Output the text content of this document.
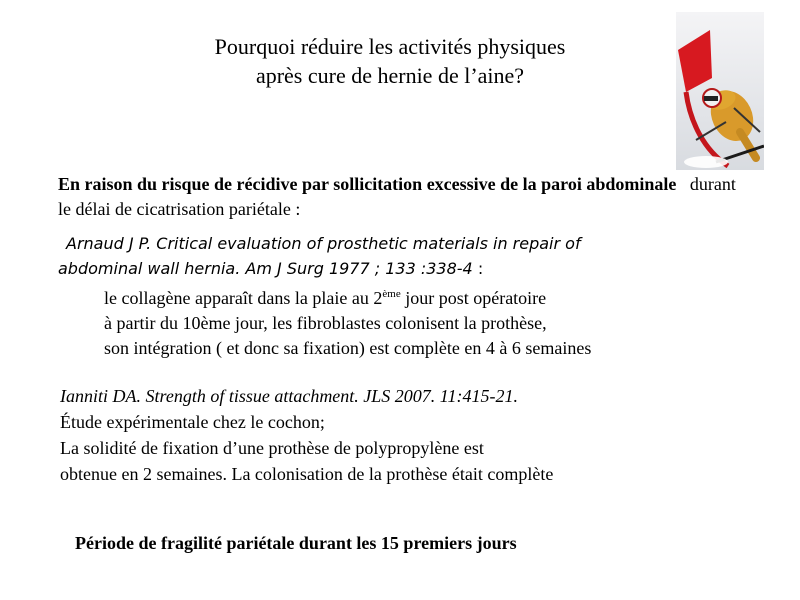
Pourquoi réduire les activités physiques
après cure de hernie de l’aine?
En raison du risque de récidive par sollicitation excessive de la paroi abdominale durant le délai de cicatrisation pariétale :
Arnaud J P. Critical evaluation of prosthetic materials in repair of
abdominal wall hernia. Am J Surg 1977 ; 133 :338-4 :
le collagène apparaît dans la plaie au 2ème jour post opératoire
à partir du 10ème jour, les fibroblastes colonisent la prothèse,
son intégration ( et donc sa fixation) est complète en 4 à 6 semaines
Ianniti DA. Strength of tissue attachment. JLS 2007. 11:415-21.
Étude expérimentale chez le cochon;
La solidité de fixation d’une prothèse de polypropylène est
obtenue en 2 semaines. La colonisation de la prothèse était complète
Période de fragilité pariétale durant les 15 premiers jours
